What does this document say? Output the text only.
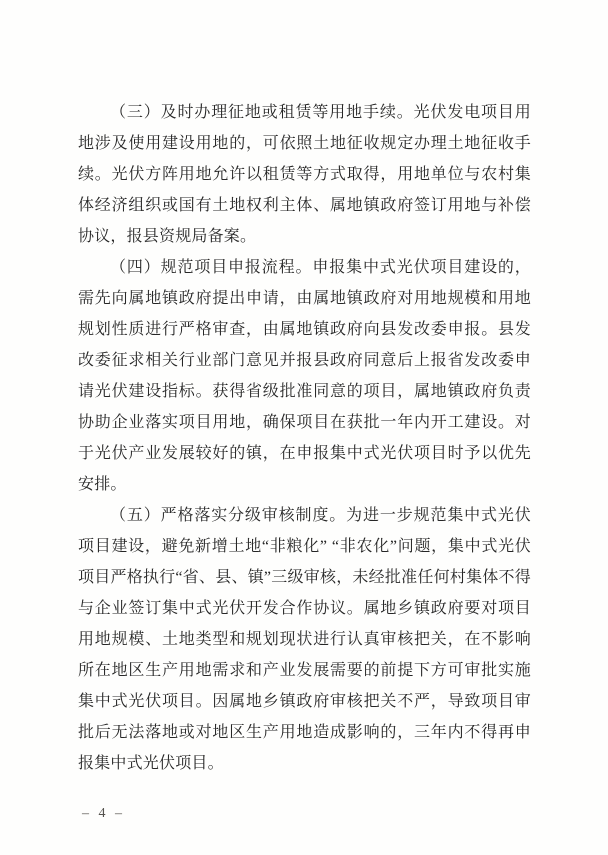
（三）及时办理征地或租赁等用地手续。光伏发电项目用地涉及使用建设用地的，可依照土地征收规定办理土地征收手续。光伏方阵用地允许以租赁等方式取得，用地单位与农村集体经济组织或国有土地权利主体、属地镇政府签订用地与补偿协议，报县资规局备案。

（四）规范项目申报流程。申报集中式光伏项目建设的，需先向属地镇政府提出申请，由属地镇政府对用地规模和用地规划性质进行严格审查，由属地镇政府向县发改委申报。县发改委征求相关行业部门意见并报县政府同意后上报省发改委申请光伏建设指标。获得省级批准同意的项目，属地镇政府负责协助企业落实项目用地，确保项目在获批一年内开工建设。对于光伏产业发展较好的镇，在申报集中式光伏项目时予以优先安排。

（五）严格落实分级审核制度。为进一步规范集中式光伏项目建设，避免新增土地“非粮化” “非农化”问题，集中式光伏项目严格执行“省、县、镇”三级审核，未经批准任何村集体不得与企业签订集中式光伏开发合作协议。属地乡镇政府要对项目用地规模、土地类型和规划现状进行认真审核把关，在不影响所在地区生产用地需求和产业发展需要的前提下方可审批实施集中式光伏项目。因属地乡镇政府审核把关不严，导致项目审批后无法落地或对地区生产用地造成影响的，三年内不得再申报集中式光伏项目。

– 4 –
